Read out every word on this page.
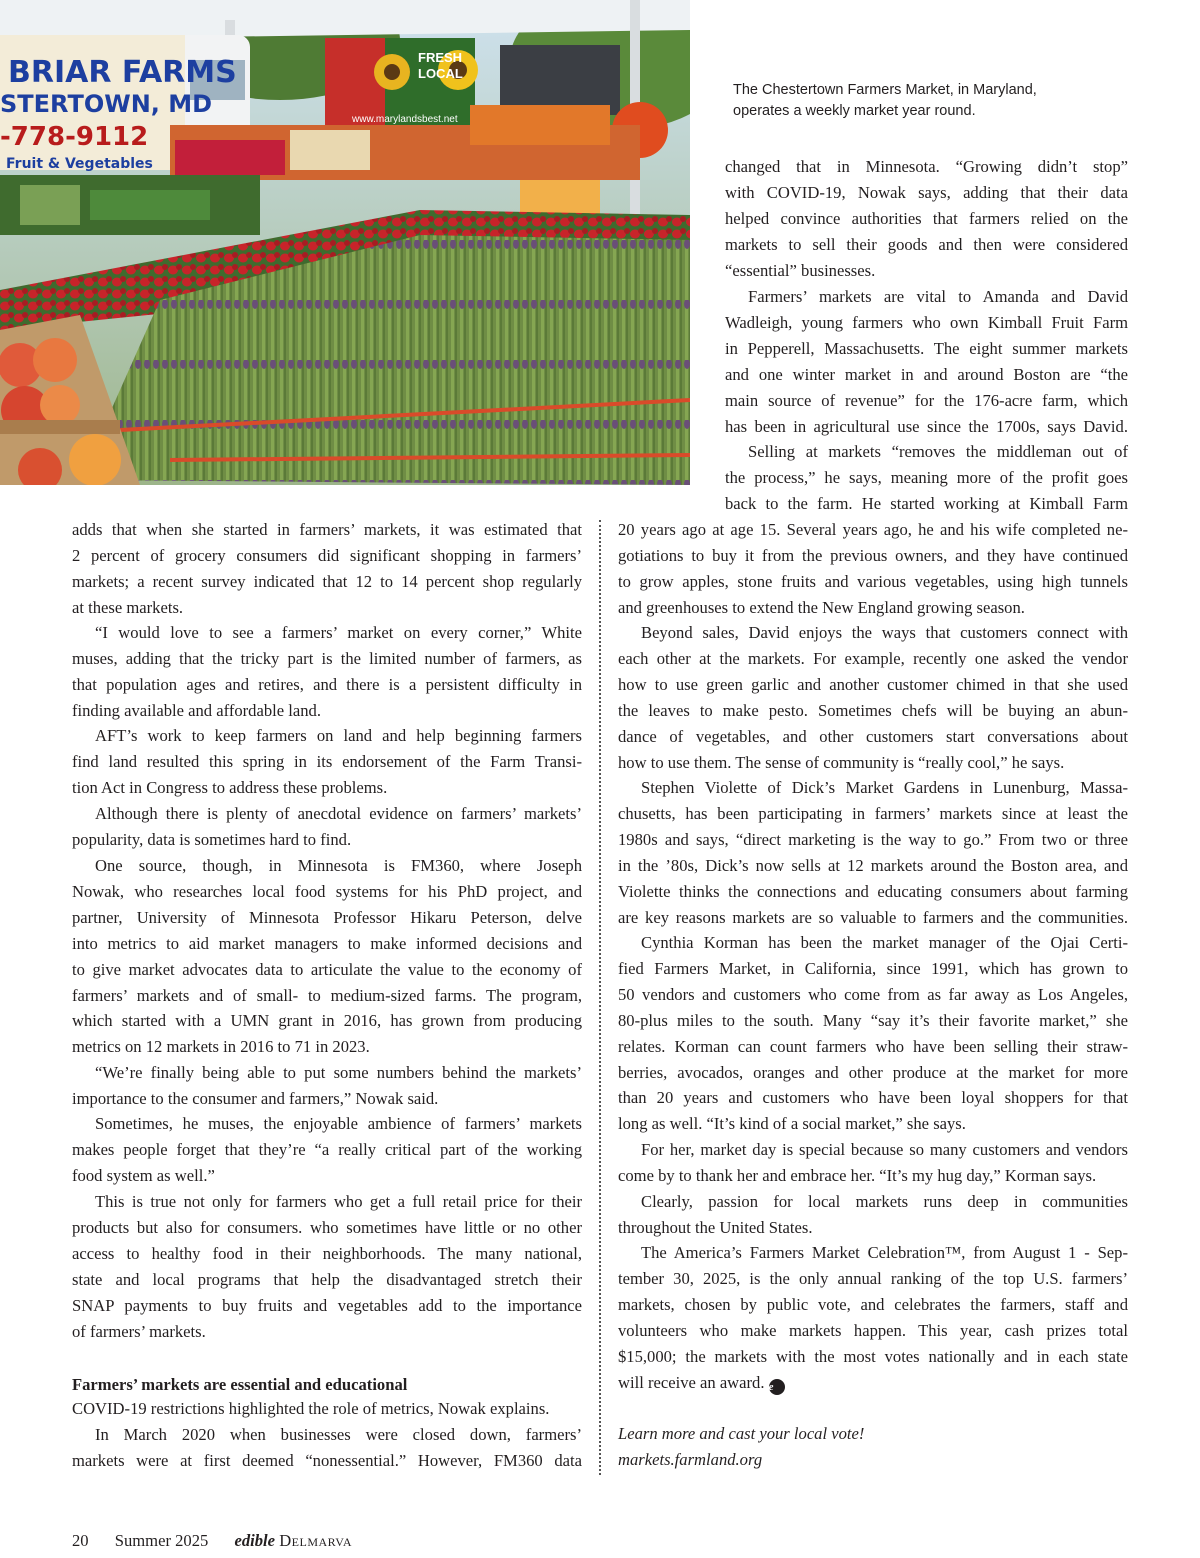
BRIAR FARMS
STERTOWN, MD
-778-9112
Fruit & Vegetables
FRESH
LOCAL
www.marylandsbest.net
The Chestertown Farmers Market, in Maryland,
operates a weekly market year round.
changed that in Minnesota. “Growing didn’t stop”
with COVID-19, Nowak says, adding that their data
helped convince authorities that farmers relied on the
markets to sell their goods and then were considered
“essential” businesses.
Farmers’ markets are vital to Amanda and David
Wadleigh, young farmers who own Kimball Fruit Farm
in Pepperell, Massachusetts. The eight summer markets
and one winter market in and around Boston are “the
main source of revenue” for the 176-acre farm, which
has been in agricultural use since the 1700s, says David.
Selling at markets “removes the middleman out of
the process,” he says, meaning more of the profit goes
back to the farm. He started working at Kimball Farm
20 years ago at age 15. Several years ago, he and his wife completed ne-
gotiations to buy it from the previous owners, and they have continued
to grow apples, stone fruits and various vegetables, using high tunnels
and greenhouses to extend the New England growing season.
Beyond sales, David enjoys the ways that customers connect with
each other at the markets. For example, recently one asked the vendor
how to use green garlic and another customer chimed in that she used
the leaves to make pesto. Sometimes chefs will be buying an abun-
dance of vegetables, and other customers start conversations about
how to use them. The sense of community is “really cool,” he says.
Stephen Violette of Dick’s Market Gardens in Lunenburg, Massa-
chusetts, has been participating in farmers’ markets since at least the
1980s and says, “direct marketing is the way to go.” From two or three
in the ’80s, Dick’s now sells at 12 markets around the Boston area, and
Violette thinks the connections and educating consumers about farming
are key reasons markets are so valuable to farmers and the communities.
Cynthia Korman has been the market manager of the Ojai Certi-
fied Farmers Market, in California, since 1991, which has grown to
50 vendors and customers who come from as far away as Los Angeles,
80-plus miles to the south. Many “say it’s their favorite market,” she
relates. Korman can count farmers who have been selling their straw-
berries, avocados, oranges and other produce at the market for more
than 20 years and customers who have been loyal shoppers for that
long as well. “It’s kind of a social market,” she says.
For her, market day is special because so many customers and vendors
come by to thank her and embrace her. “It’s my hug day,” Korman says.
Clearly, passion for local markets runs deep in communities
throughout the United States.
The America’s Farmers Market Celebration™, from August 1 - Sep-
tember 30, 2025, is the only annual ranking of the top U.S. farmers’
markets, chosen by public vote, and celebrates the farmers, staff and
volunteers who make markets happen. This year, cash prizes total
$15,000; the markets with the most votes nationally and in each state
will receive an award. e
Learn more and cast your local vote!
markets.farmland.org
adds that when she started in farmers’ markets, it was estimated that
2 percent of grocery consumers did significant shopping in farmers’
markets; a recent survey indicated that 12 to 14 percent shop regularly
at these markets.
“I would love to see a farmers’ market on every corner,” White
muses, adding that the tricky part is the limited number of farmers, as
that population ages and retires, and there is a persistent difficulty in
finding available and affordable land.
AFT’s work to keep farmers on land and help beginning farmers
find land resulted this spring in its endorsement of the Farm Transi-
tion Act in Congress to address these problems.
Although there is plenty of anecdotal evidence on farmers’ markets’
popularity, data is sometimes hard to find.
One source, though, in Minnesota is FM360, where Joseph
Nowak, who researches local food systems for his PhD project, and
partner, University of Minnesota Professor Hikaru Peterson, delve
into metrics to aid market managers to make informed decisions and
to give market advocates data to articulate the value to the economy of
farmers’ markets and of small- to medium-sized farms. The program,
which started with a UMN grant in 2016, has grown from producing
metrics on 12 markets in 2016 to 71 in 2023.
“We’re finally being able to put some numbers behind the markets’
importance to the consumer and farmers,” Nowak said.
Sometimes, he muses, the enjoyable ambience of farmers’ markets
makes people forget that they’re “a really critical part of the working
food system as well.”
This is true not only for farmers who get a full retail price for their
products but also for consumers. who sometimes have little or no other
access to healthy food in their neighborhoods. The many national,
state and local programs that help the disadvantaged stretch their
SNAP payments to buy fruits and vegetables add to the importance
of farmers’ markets.
Farmers’ markets are essential and educational
COVID-19 restrictions highlighted the role of metrics, Nowak explains.
In March 2020 when businesses were closed down, farmers’
markets were at first deemed “nonessential.” However, FM360 data
20 Summer 2025 edible Delmarva
